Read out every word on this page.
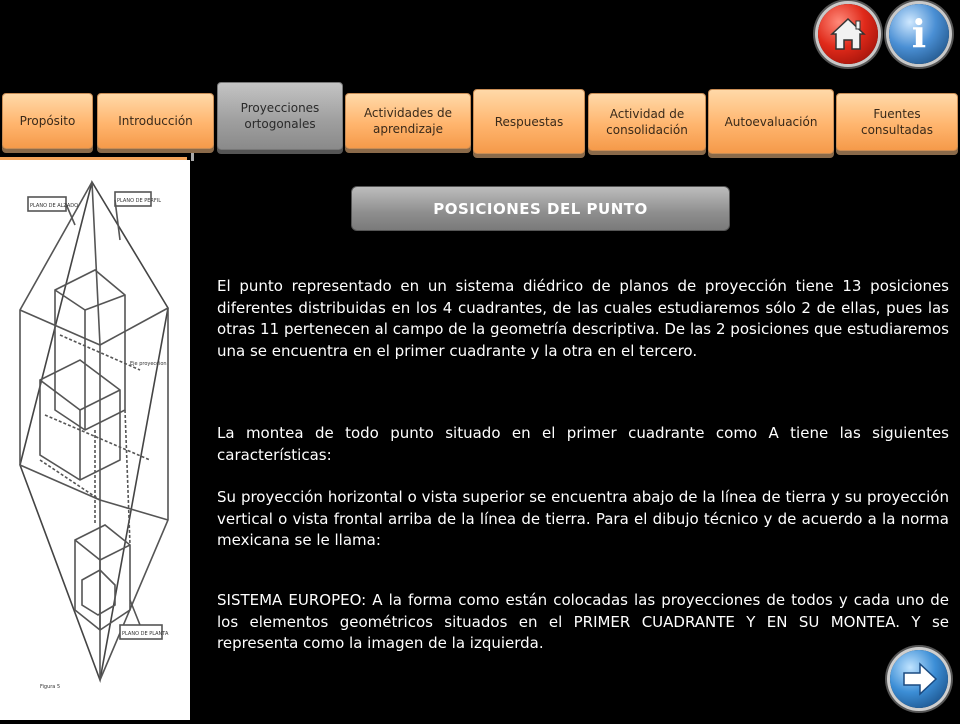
i
Propósito	Introducción
Proyecciones
ortogonales
Actividades de
aprendizaje
Respuestas
Actividad de
consolidación
Autoevaluación
Fuentes
consultadas
PLANO DE ALZADO
PLANO DE PERFIL
PLANO DE PLANTA
Eje proyeccion
Figura 5
POSICIONES DEL PUNTO

El punto representado en un sistema diédrico de planos de proyección tiene 13 posiciones diferentes distribuidas en los 4 cuadrantes, de las cuales estudiaremos sólo 2 de ellas, pues las otras 11 pertenecen al campo de la geometría descriptiva. De las 2 posiciones que estudiaremos una se encuentra en el primer cuadrante y la otra en el tercero.

La montea de todo punto situado en el primer cuadrante como A tiene las siguientes características:

Su proyección horizontal o vista superior se encuentra abajo de la línea de tierra y su proyección vertical o vista frontal arriba de la línea de tierra. Para el dibujo técnico y de acuerdo a la norma mexicana se le llama:

SISTEMA EUROPEO: A la forma como están colocadas las proyecciones de todos y cada uno de los elementos geométricos situados en el PRIMER CUADRANTE Y EN SU MONTEA. Y se representa como la imagen de la izquierda.
